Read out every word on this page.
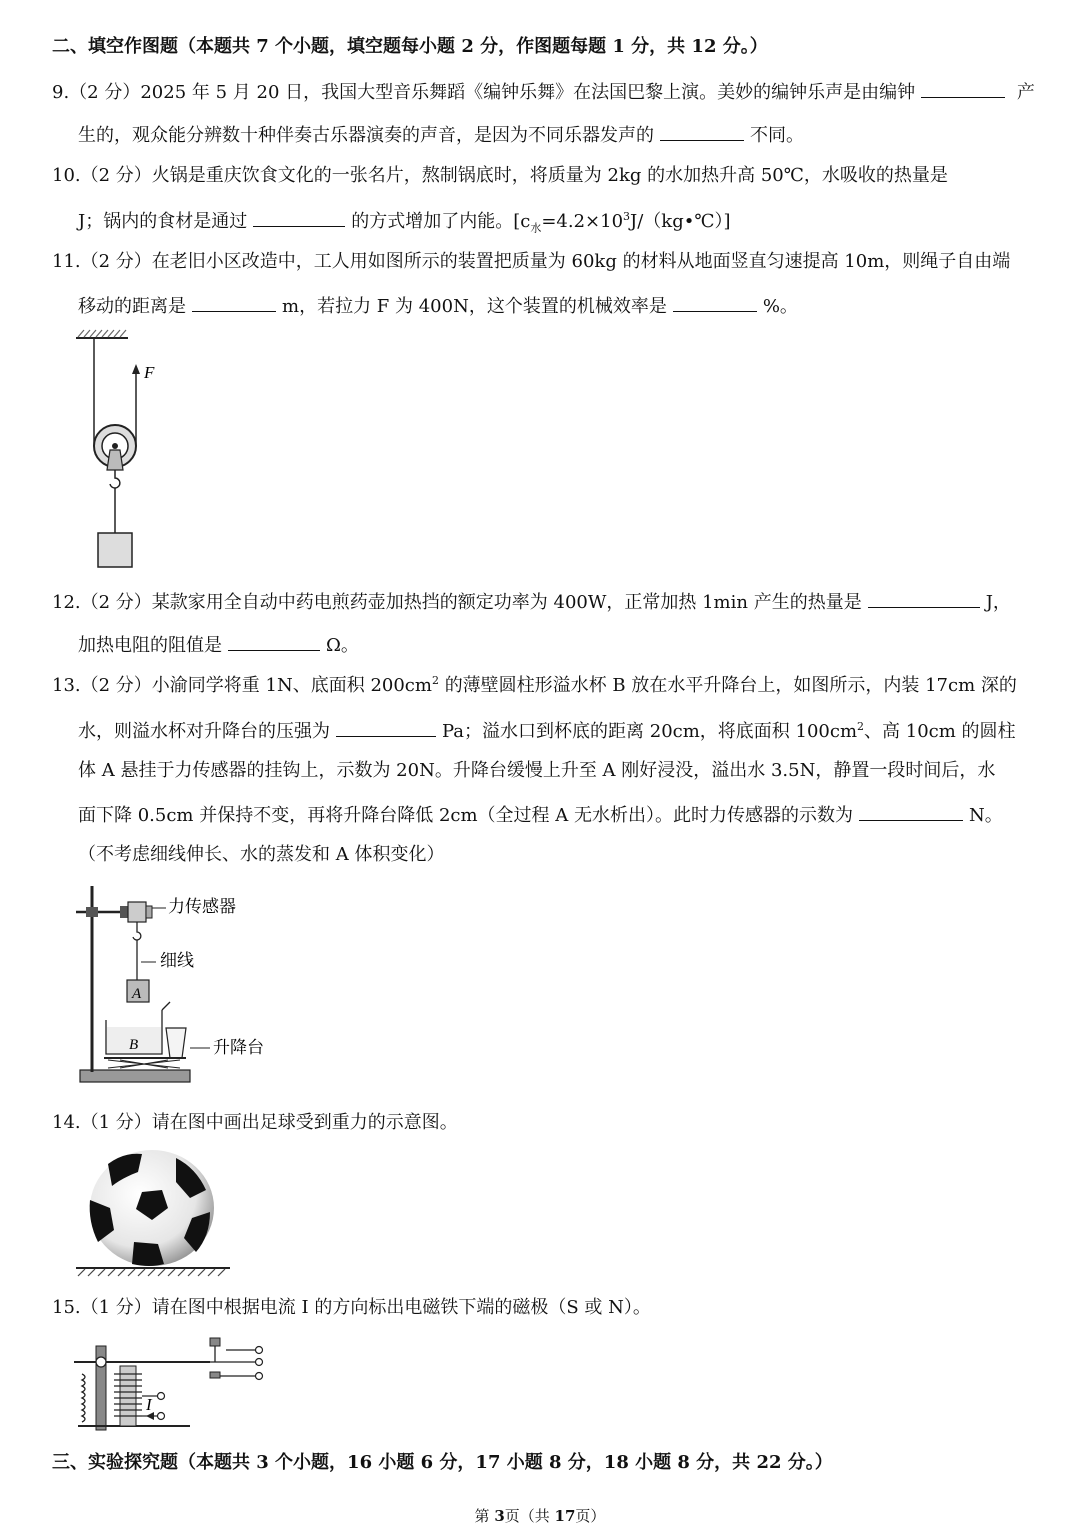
二、填空作图题（本题共 7 个小题，填空题每小题 2 分，作图题每题 1 分，共 12 分。）
9.（2 分）2025 年 5 月 20 日，我国大型音乐舞蹈《编钟乐舞》在法国巴黎上演。美妙的编钟乐声是由编钟	产
生的，观众能分辨数十种伴奏古乐器演奏的声音，是因为不同乐器发声的	不同。
10.（2 分）火锅是重庆饮食文化的一张名片，熬制锅底时，将质量为 2kg 的水加热升高 50℃，水吸收的热量是
J；锅内的食材是通过	的方式增加了内能。$[c_水=4.2\times 10^3J/(kg•℃)]$
11.（2 分）在老旧小区改造中，工人用如图所示的装置把质量为 60kg 的材料从地面竖直匀速提高 10m，则绳子自由端
移动的距离是	m，若拉力 F 为 400N，这个装置的机械效率是	%。
F
12.（2 分）某款家用全自动中药电煎药壶加热挡的额定功率为 400W，正常加热 1min 产生的热量是	J，
加热电阻的阻值是	Ω。
13.（2 分）小渝同学将重 1N、底面积 $200cm^2$ 的薄壁圆柱形溢水杯 B 放在水平升降台上，如图所示，内装 17cm 深的
水，则溢水杯对升降台的压强为	Pa；溢水口到杯底的距离 20cm，将底面积 $100cm^2$、高 10cm 的圆柱
体 A 悬挂于力传感器的挂钩上，示数为 20N。升降台缓慢上升至 A 刚好浸没，溢出水 3.5N，静置一段时间后，水
面下降 0.5cm 并保持不变，再将升降台降低 2cm（全过程 A 无水析出）。此时力传感器的示数为	N。
（不考虑细线伸长、水的蒸发和 A 体积变化）
力传感器
细线
A
B	升降台
14.（1 分）请在图中画出足球受到重力的示意图。
15.（1 分）请在图中根据电流 I 的方向标出电磁铁下端的磁极（S 或 N）。
I
三、实验探究题（本题共 3 个小题，16 小题 6 分，17 小题 8 分，18 小题 8 分，共 22 分。）
第 3页（共 17页）
